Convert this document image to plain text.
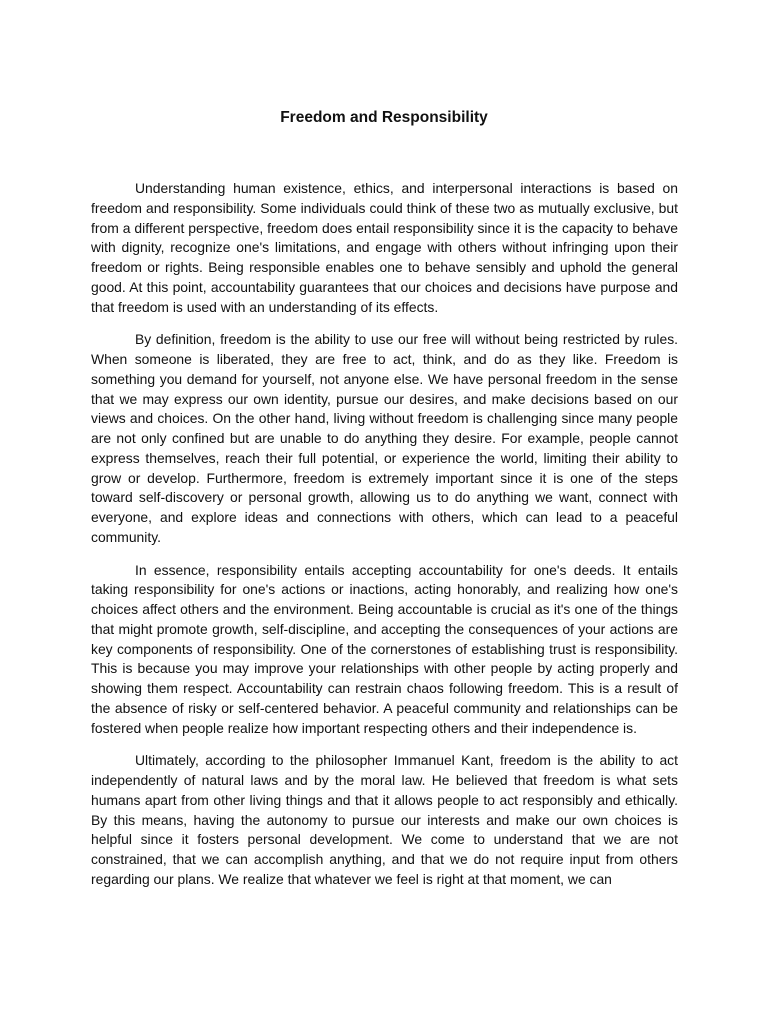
Freedom and Responsibility

Understanding human existence, ethics, and interpersonal interactions is based on freedom and responsibility. Some individuals could think of these two as mutually exclusive, but from a different perspective, freedom does entail responsibility since it is the capacity to behave with dignity, recognize one's limitations, and engage with others without infringing upon their freedom or rights. Being responsible enables one to behave sensibly and uphold the general good. At this point, accountability guarantees that our choices and decisions have purpose and that freedom is used with an understanding of its effects.

By definition, freedom is the ability to use our free will without being restricted by rules. When someone is liberated, they are free to act, think, and do as they like. Freedom is something you demand for yourself, not anyone else. We have personal freedom in the sense that we may express our own identity, pursue our desires, and make decisions based on our views and choices. On the other hand, living without freedom is challenging since many people are not only confined but are unable to do anything they desire. For example, people cannot express themselves, reach their full potential, or experience the world, limiting their ability to grow or develop. Furthermore, freedom is extremely important since it is one of the steps toward self-discovery or personal growth, allowing us to do anything we want, connect with everyone, and explore ideas and connections with others, which can lead to a peaceful community.

In essence, responsibility entails accepting accountability for one's deeds. It entails taking responsibility for one's actions or inactions, acting honorably, and realizing how one's choices affect others and the environment. Being accountable is crucial as it's one of the things that might promote growth, self-discipline, and accepting the consequences of your actions are key components of responsibility. One of the cornerstones of establishing trust is responsibility. This is because you may improve your relationships with other people by acting properly and showing them respect. Accountability can restrain chaos following freedom. This is a result of the absence of risky or self-centered behavior. A peaceful community and relationships can be fostered when people realize how important respecting others and their independence is.

Ultimately, according to the philosopher Immanuel Kant, freedom is the ability to act independently of natural laws and by the moral law. He believed that freedom is what sets humans apart from other living things and that it allows people to act responsibly and ethically. By this means, having the autonomy to pursue our interests and make our own choices is helpful since it fosters personal development. We come to understand that we are not constrained, that we can accomplish anything, and that we do not require input from others regarding our plans. We realize that whatever we feel is right at that moment, we can
